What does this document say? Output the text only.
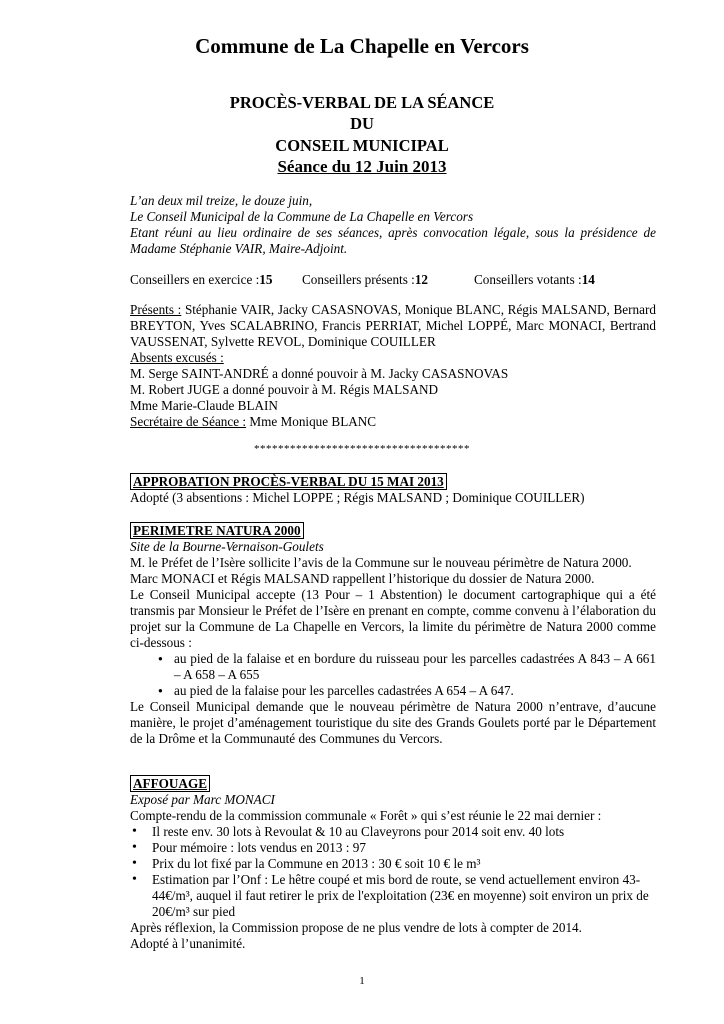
Commune de La Chapelle en Vercors
PROCÈS-VERBAL DE LA SÉANCE
DU
CONSEIL MUNICIPAL
Séance du 12 Juin 2013

L’an deux mil treize, le douze juin,

Le Conseil Municipal de la Commune de La Chapelle en Vercors

Etant réuni au lieu ordinaire de ses séances, après convocation légale, sous la présidence de Madame Stéphanie VAIR, Maire-Adjoint.

Conseillers en exercice :15	Conseillers présents :12	Conseillers votants :14

Présents : Stéphanie VAIR, Jacky CASASNOVAS, Monique BLANC, Régis MALSAND, Bernard BREYTON, Yves SCALABRINO, Francis PERRIAT, Michel LOPPÉ, Marc MONACI, Bertrand VAUSSENAT, Sylvette REVOL, Dominique COUILLER

Absents excusés :

M. Serge SAINT-ANDRÉ a donné pouvoir à M. Jacky CASASNOVAS

M. Robert JUGE a donné pouvoir à M. Régis MALSAND

Mme Marie-Claude BLAIN

Secrétaire de Séance : Mme Monique BLANC

************************************
APPROBATION PROCÈS-VERBAL DU 15 MAI 2013

Adopté (3 absentions : Michel LOPPE ; Régis MALSAND ; Dominique COUILLER)

PERIMETRE NATURA 2000

Site de la Bourne-Vernaison-Goulets

M. le Préfet de l’Isère sollicite l’avis de la Commune sur le nouveau périmètre de Natura 2000.

Marc MONACI et Régis MALSAND rappellent l’historique du dossier de Natura 2000.

Le Conseil Municipal accepte (13 Pour – 1 Abstention) le document cartographique qui a été transmis par Monsieur le Préfet de l’Isère en prenant en compte, comme convenu à l’élaboration du projet sur la Commune de La Chapelle en Vercors, la limite du périmètre de Natura 2000 comme ci-dessous :

● au pied de la falaise et en bordure du ruisseau pour les parcelles cadastrées A 843 – A 661 – A 658 – A 655
● au pied de la falaise pour les parcelles cadastrées A 654 – A 647.

Le Conseil Municipal demande que le nouveau périmètre de Natura 2000 n’entrave, d’aucune manière, le projet d’aménagement touristique du site des Grands Goulets porté par le Département de la Drôme et la Communauté des Communes du Vercors.

AFFOUAGE

Exposé par Marc MONACI

Compte-rendu de la commission communale « Forêt » qui s’est réunie le 22 mai dernier :

• Il reste env. 30 lots à Revoulat & 10 au Claveyrons pour 2014 soit env. 40 lots
• Pour mémoire : lots vendus en 2013 : 97
• Prix du lot fixé par la Commune en 2013 : 30 € soit 10 € le m³
• Estimation par l’Onf : Le hêtre coupé et mis bord de route, se vend actuellement environ 43-44€/m³, auquel il faut retirer le prix de l'exploitation (23€ en moyenne) soit environ un prix de 20€/m³ sur pied

Après réflexion, la Commission propose de ne plus vendre de lots à compter de 2014.

Adopté à l’unanimité.

1
